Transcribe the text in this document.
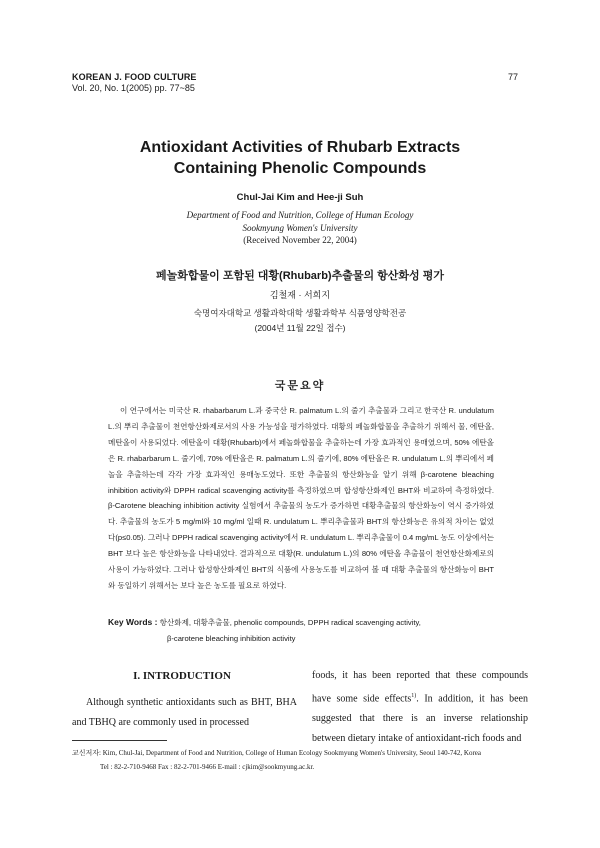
KOREAN J. FOOD CULTURE
Vol. 20, No. 1(2005) pp. 77~85
77
Antioxidant Activities of Rhubarb Extracts
Containing Phenolic Compounds
Chul-Jai Kim and Hee-ji Suh
Department of Food and Nutrition, College of Human Ecology
Sookmyung Women's University
(Received November 22, 2004)
페놀화합물이 포함된 대황(Rhubarb)추출물의 항산화성 평가
김철재 · 서희지
숙명여자대학교 생활과학대학 생활과학부 식품영양학전공
(2004년 11월 22일 접수)
국문요약

이 연구에서는 미국산 R. rhabarbarum L.과 중국산 R. palmatum L.의 줄기 추출물과 그리고 한국산 R. undulatum L.의 뿌리 추출물이 천연항산화제로서의 사용 가능성을 평가하였다. 대황의 페놀화합물을 추출하기 위해서 물, 에탄올, 메탄올이 사용되었다. 에탄올이 대황(Rhubarb)에서 페놀화합물을 추출하는데 가장 효과적인 용매였으며, 50% 에탄올은 R. rhabarbarum L. 줄기에, 70% 에탄올은 R. palmatum L.의 줄기에, 80% 에탄올은 R. undulatum L.의 뿌리에서 페놀을 추출하는데 각각 가장 효과적인 용매농도였다. 또한 추출물의 항산화능을 알기 위해 β-carotene bleaching inhibition activity와 DPPH radical scavenging activity를 측정하였으며 합성항산화제인 BHT와 비교하여 측정하였다. β-Carotene bleaching inhibition activity 실험에서 추출물의 농도가 증가하면 대황추출물의 항산화능이 역시 증가하였다. 추출물의 농도가 5 mg/ml와 10 mg/ml 일때 R. undulatum L. 뿌리추출물과 BHT의 항산화능은 유의적 차이는 없었다(p≤0.05). 그러나 DPPH radical scavenging activity에서 R. undulatum L. 뿌리추출물이 0.4 mg/mL 농도 이상에서는 BHT 보다 높은 항산화능을 나타내었다. 결과적으로 대황(R. undulatum L.)의 80% 에탄올 추출물이 천연항산화제로의 사용이 가능하였다. 그러나 합성항산화제인 BHT의 식품에 사용농도를 비교하여 볼 때 대황 추출물의 항산화능이 BHT와 동일하기 위해서는 보다 높은 농도를 필요로 하였다.

Key Words : 항산화제, 대황추출물, phenolic compounds, DPPH radical scavenging activity,
β-carotene bleaching inhibition activity
I. INTRODUCTION

Although synthetic antioxidants such as BHT, BHA and TBHQ are commonly used in processed

foods, it has been reported that these compounds have some side effects$^{1)}$. In addition, it has been suggested that there is an inverse relationship between dietary intake of antioxidant-rich foods and

교신저자: Kim, Chul-Jai, Department of Food and Nutrition, College of Human Ecology Sookmyung Women's University, Seoul 140-742, Korea
Tel : 82-2-710-9468 Fax : 82-2-701-9466 E-mail : cjkim@sookmyung.ac.kr.
